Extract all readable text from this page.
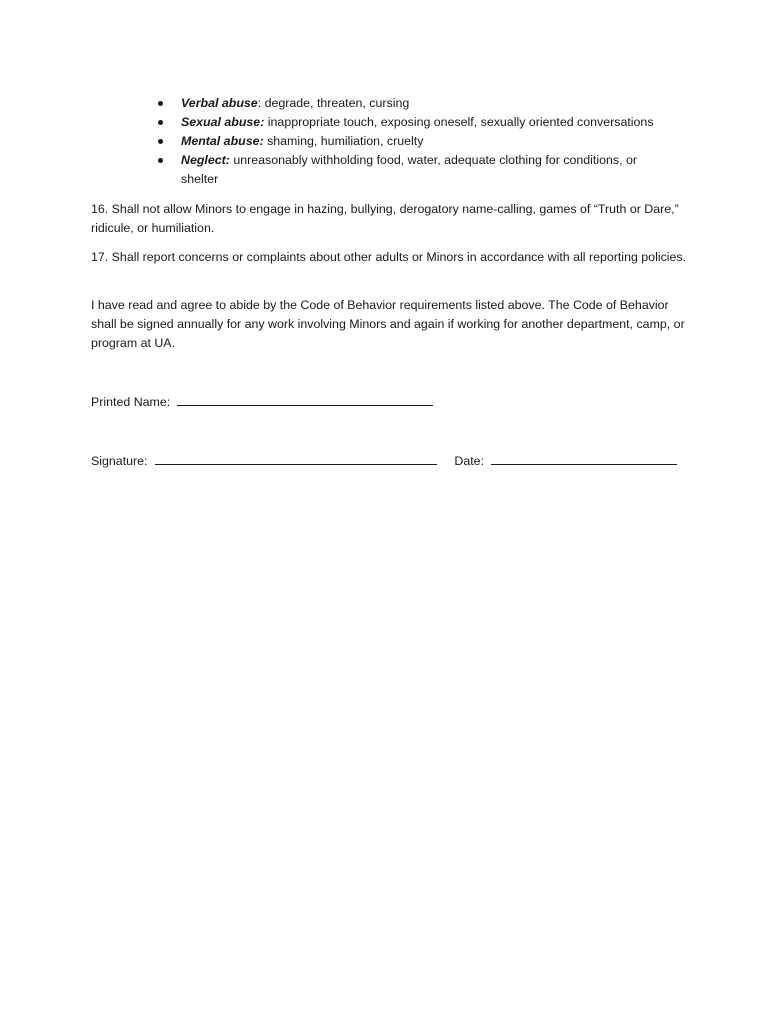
Verbal abuse: degrade, threaten, cursing
Sexual abuse: inappropriate touch, exposing oneself, sexually oriented conversations
Mental abuse: shaming, humiliation, cruelty
Neglect: unreasonably withholding food, water, adequate clothing for conditions, or shelter

16. Shall not allow Minors to engage in hazing, bullying, derogatory name-calling, games of “Truth or Dare,” ridicule, or humiliation.

17. Shall report concerns or complaints about other adults or Minors in accordance with all reporting policies.

I have read and agree to abide by the Code of Behavior requirements listed above. The Code of Behavior shall be signed annually for any work involving Minors and again if working for another department, camp, or program at UA.

Printed Name:
Signature:	Date:
